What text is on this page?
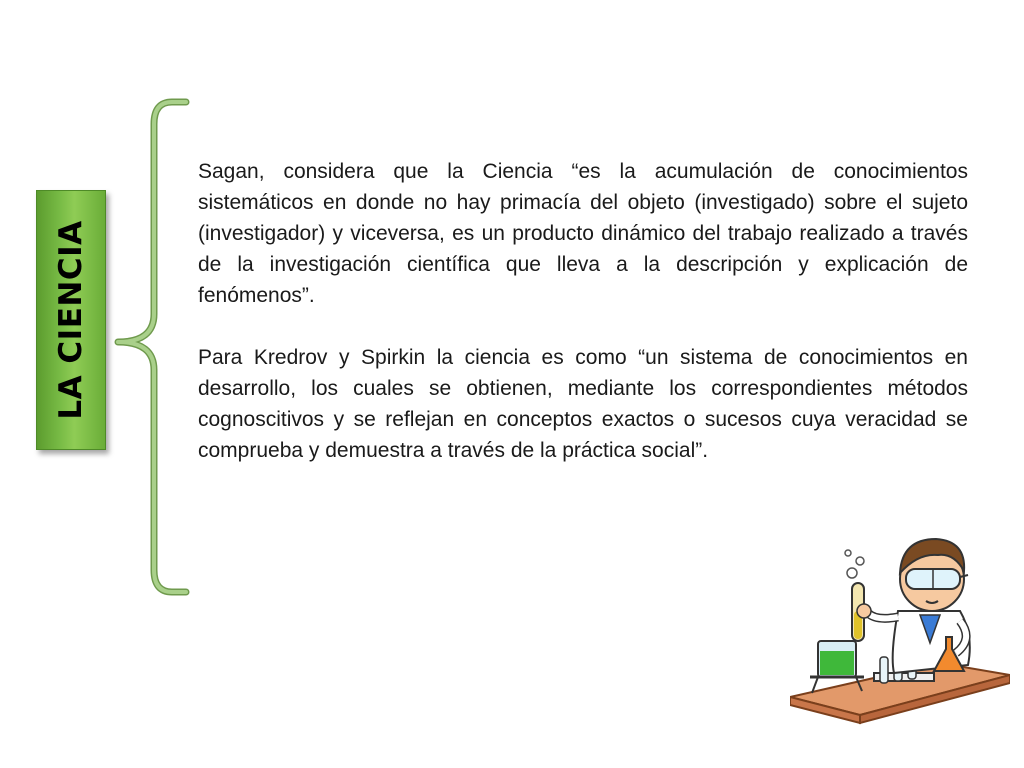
LA CIENCIA

Sagan, considera que la Ciencia “es la acumulación de conocimientos sistemáticos en donde no hay primacía del objeto (investigado) sobre el sujeto (investigador) y viceversa, es un producto dinámico del trabajo realizado a través de la investigación científica que lleva a la descripción y explicación de fenómenos”.

Para Kredrov y Spirkin la ciencia es como “un sistema de conocimientos en desarrollo, los cuales se obtienen, mediante los correspondientes métodos cognoscitivos y se reflejan en conceptos exactos o sucesos cuya veracidad se comprueba y demuestra a través de la práctica social”.
